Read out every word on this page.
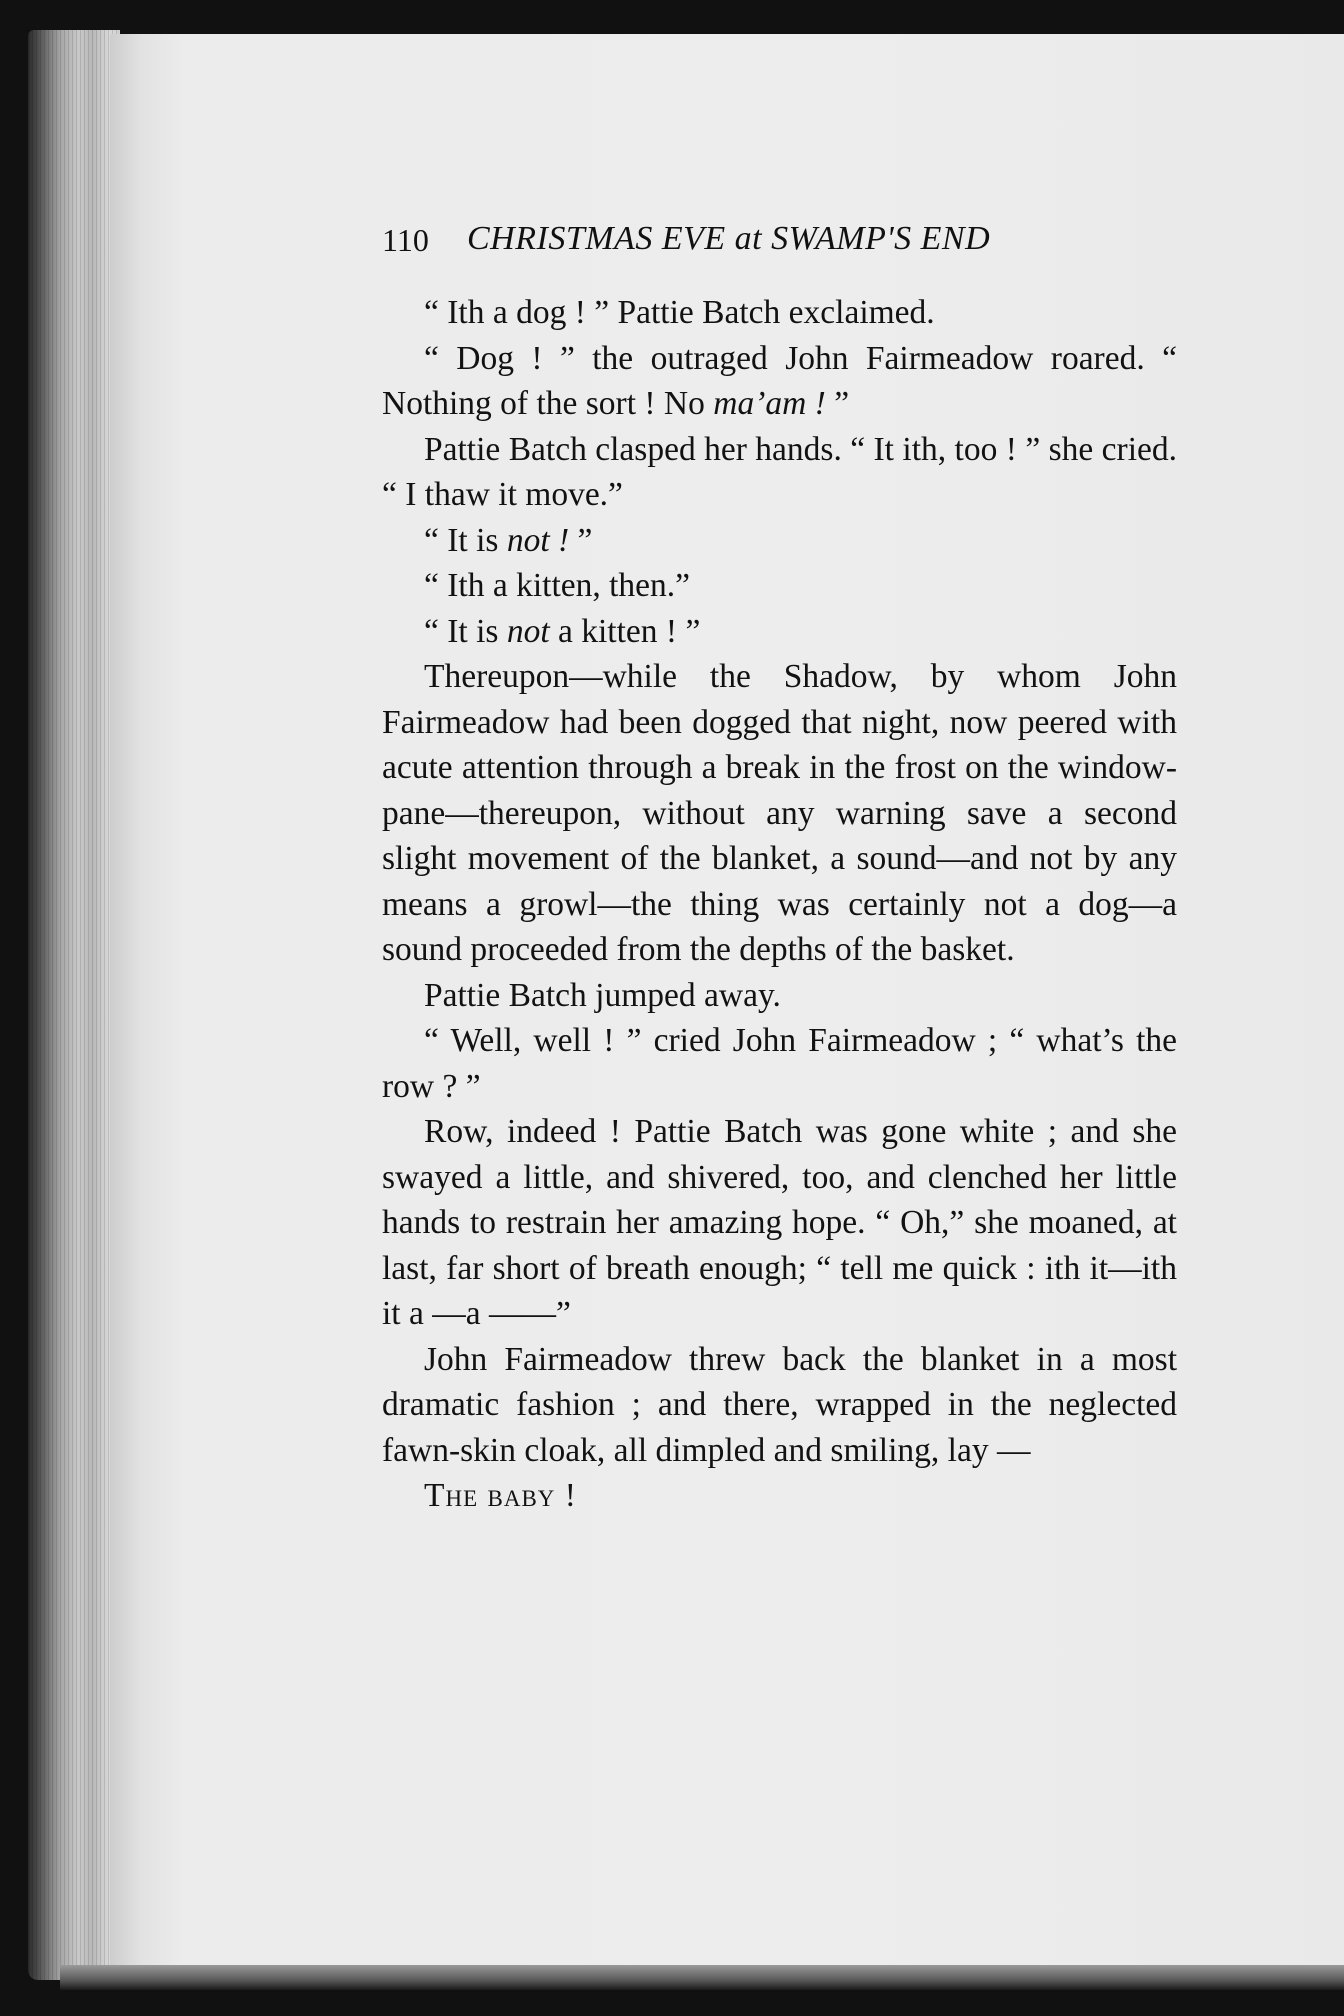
110 CHRISTMAS EVE at SWAMP'S END

“ Ith a dog ! ” Pattie Batch exclaimed.

“ Dog ! ” the outraged John Fairmeadow roared. “ Nothing of the sort ! No ma’am ! ”

Pattie Batch clasped her hands. “ It ith, too ! ” she cried. “ I thaw it move.”

“ It is not ! ”

“ Ith a kitten, then.”

“ It is not a kitten ! ”

Thereupon—while the Shadow, by whom John Fairmeadow had been dogged that night, now peered with acute attention through a break in the frost on the window-pane—thereupon, without any warning save a second slight movement of the blanket, a sound—and not by any means a growl—the thing was certainly not a dog—a sound proceeded from the depths of the basket.

Pattie Batch jumped away.

“ Well, well ! ” cried John Fairmeadow ; “ what’s the row ? ”

Row, indeed ! Pattie Batch was gone white ; and she swayed a little, and shivered, too, and clenched her little hands to restrain her amazing hope. “ Oh,” she moaned, at last, far short of breath enough; “ tell me quick : ith it—ith it a —a ——”

John Fairmeadow threw back the blanket in a most dramatic fashion ; and there, wrapped in the neglected fawn-skin cloak, all dimpled and smiling, lay —

The baby !
